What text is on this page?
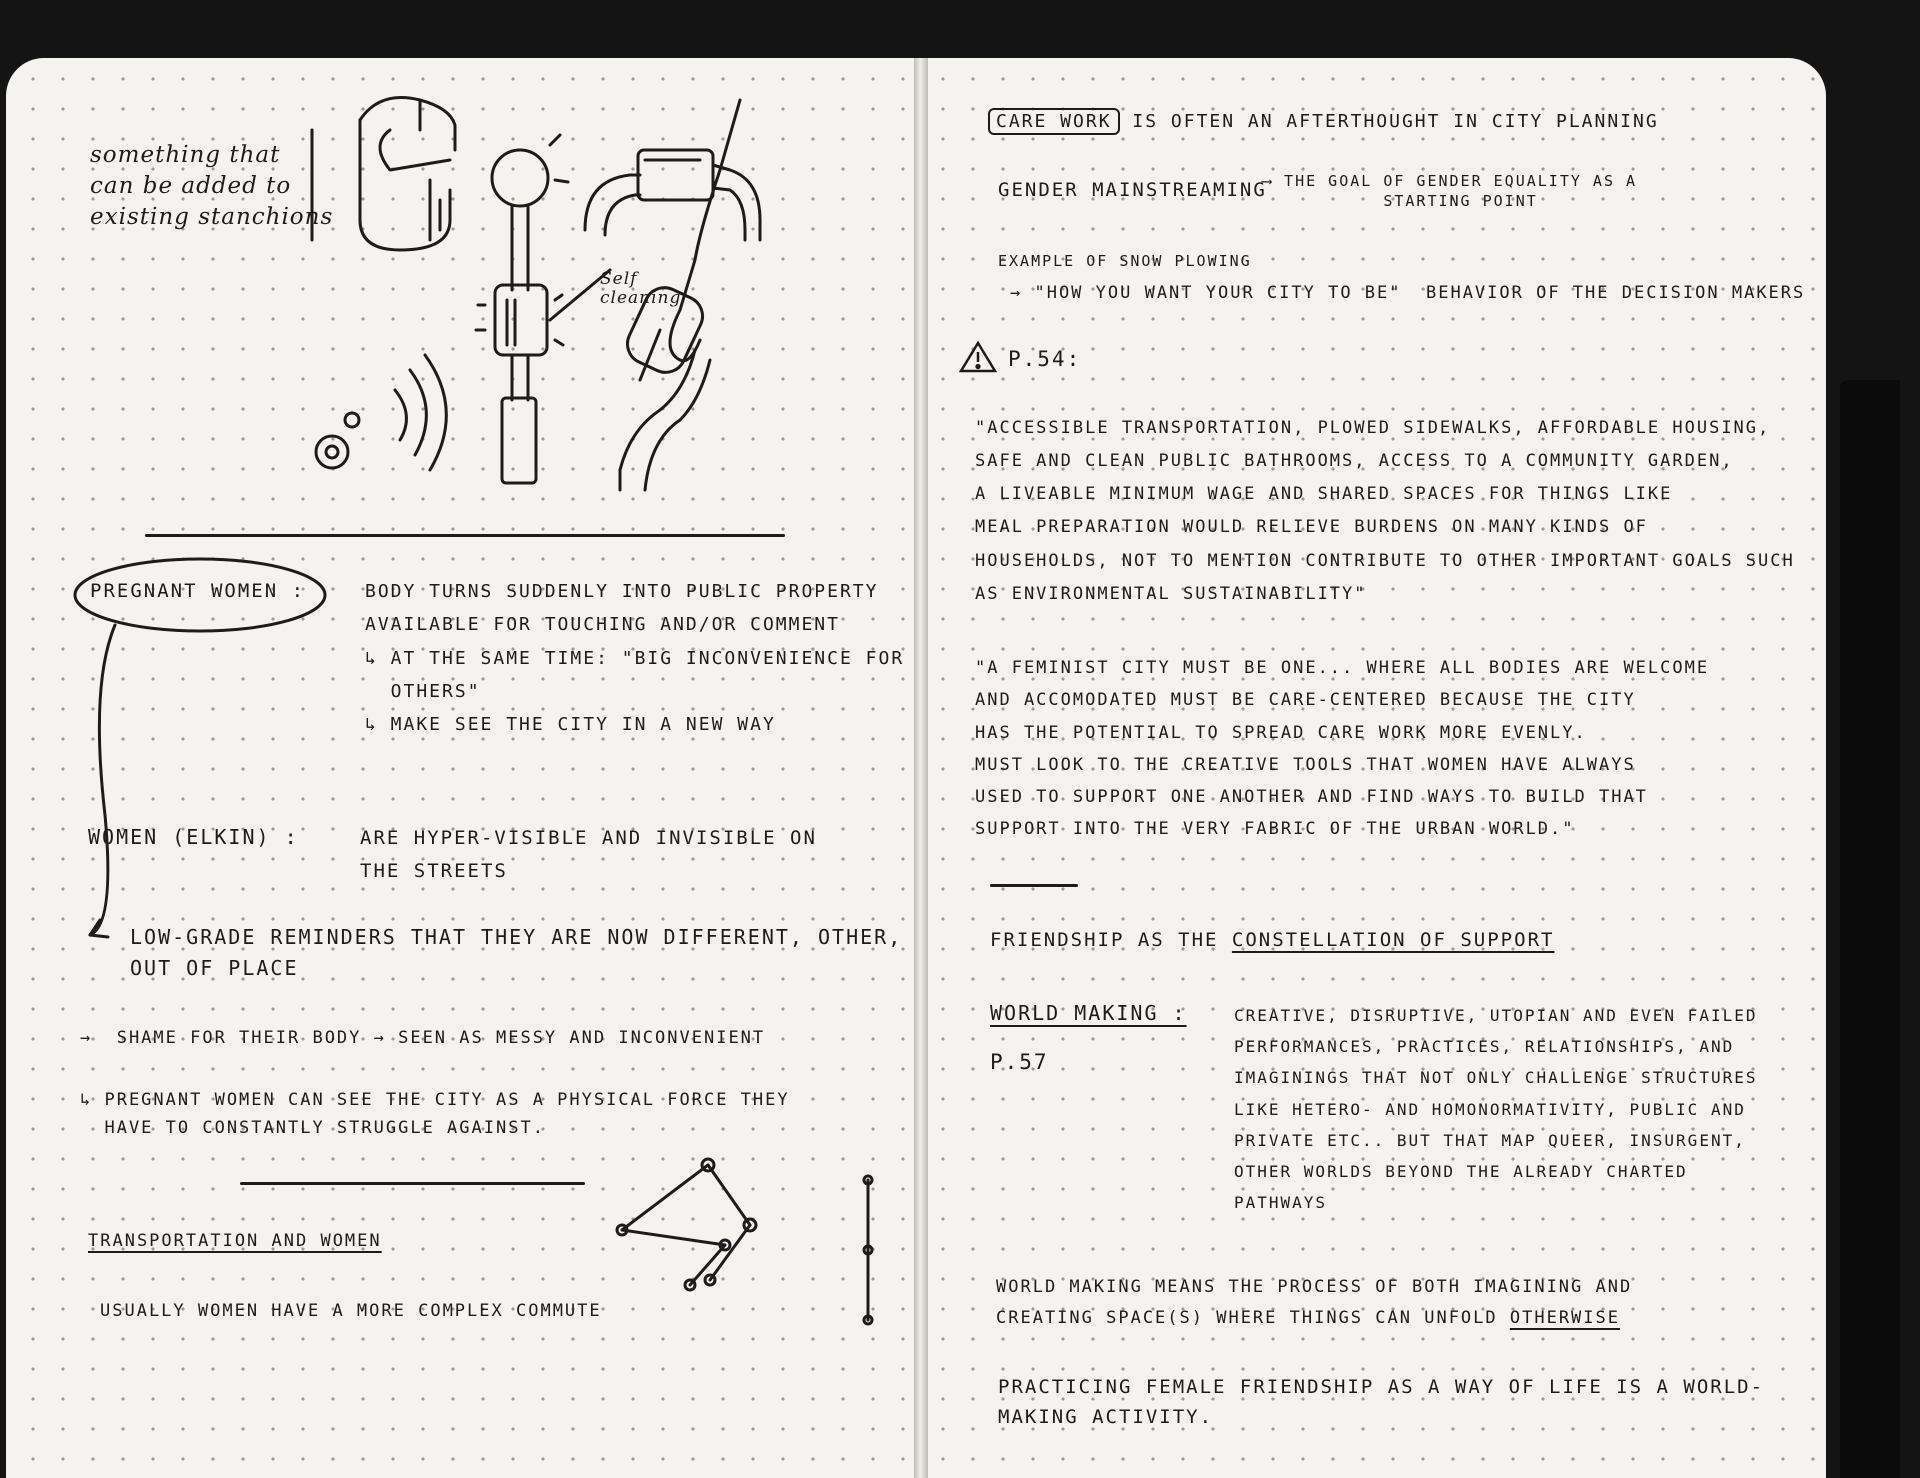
something that
can be added to
existing stanchions

Self
cleaning

PREGNANT WOMEN :	BODY TURNS SUDDENLY INTO PUBLIC PROPERTY
AVAILABLE FOR TOUCHING AND/OR COMMENT
↳ AT THE SAME TIME: "BIG INCONVENIENCE FOR
OTHERS"
↳ MAKE SEE THE CITY IN A NEW WAY

WOMEN (ELKIN) :	ARE HYPER-VISIBLE AND INVISIBLE ON
THE STREETS

LOW-GRADE REMINDERS THAT THEY ARE NOW DIFFERENT, OTHER,
OUT OF PLACE

→  SHAME FOR THEIR BODY → SEEN AS MESSY AND INCONVENIENT

↳ PREGNANT WOMEN CAN SEE THE CITY AS A PHYSICAL FORCE THEY
HAVE TO CONSTANTLY STRUGGLE AGAINST.

TRANSPORTATION AND WOMEN

USUALLY WOMEN HAVE A MORE COMPLEX COMMUTE

CARE WORK IS OFTEN AN AFTERTHOUGHT IN CITY PLANNING

GENDER MAINSTREAMING

⟶ THE GOAL OF GENDER EQUALITY AS A
STARTING POINT

EXAMPLE OF SNOW PLOWING

→ "HOW YOU WANT YOUR CITY TO BE"  BEHAVIOR OF THE DECISION MAKERS

P.54:

"ACCESSIBLE TRANSPORTATION, PLOWED SIDEWALKS, AFFORDABLE HOUSING,
SAFE AND CLEAN PUBLIC BATHROOMS, ACCESS TO A COMMUNITY GARDEN,
A LIVEABLE MINIMUM WAGE AND SHARED SPACES FOR THINGS LIKE
MEAL PREPARATION WOULD RELIEVE BURDENS ON MANY KINDS OF
HOUSEHOLDS, NOT TO MENTION CONTRIBUTE TO OTHER IMPORTANT GOALS SUCH
AS ENVIRONMENTAL SUSTAINABILITY"

"A FEMINIST CITY MUST BE ONE... WHERE ALL BODIES ARE WELCOME
AND ACCOMODATED MUST BE CARE-CENTERED BECAUSE THE CITY
HAS THE POTENTIAL TO SPREAD CARE WORK MORE EVENLY.
MUST LOOK TO THE CREATIVE TOOLS THAT WOMEN HAVE ALWAYS
USED TO SUPPORT ONE ANOTHER AND FIND WAYS TO BUILD THAT
SUPPORT INTO THE VERY FABRIC OF THE URBAN WORLD."

FRIENDSHIP AS THE CONSTELLATION OF SUPPORT

WORLD MAKING :

P.57

CREATIVE, DISRUPTIVE, UTOPIAN AND EVEN FAILED
PERFORMANCES, PRACTICES, RELATIONSHIPS, AND
IMAGININGS THAT NOT ONLY CHALLENGE STRUCTURES
LIKE HETERO- AND HOMONORMATIVITY, PUBLIC AND
PRIVATE ETC.. BUT THAT MAP QUEER, INSURGENT,
OTHER WORLDS BEYOND THE ALREADY CHARTED
PATHWAYS

WORLD MAKING MEANS THE PROCESS OF BOTH IMAGINING AND
CREATING SPACE(S) WHERE THINGS CAN UNFOLD OTHERWISE

PRACTICING FEMALE FRIENDSHIP AS A WAY OF LIFE IS A WORLD-
MAKING ACTIVITY.
